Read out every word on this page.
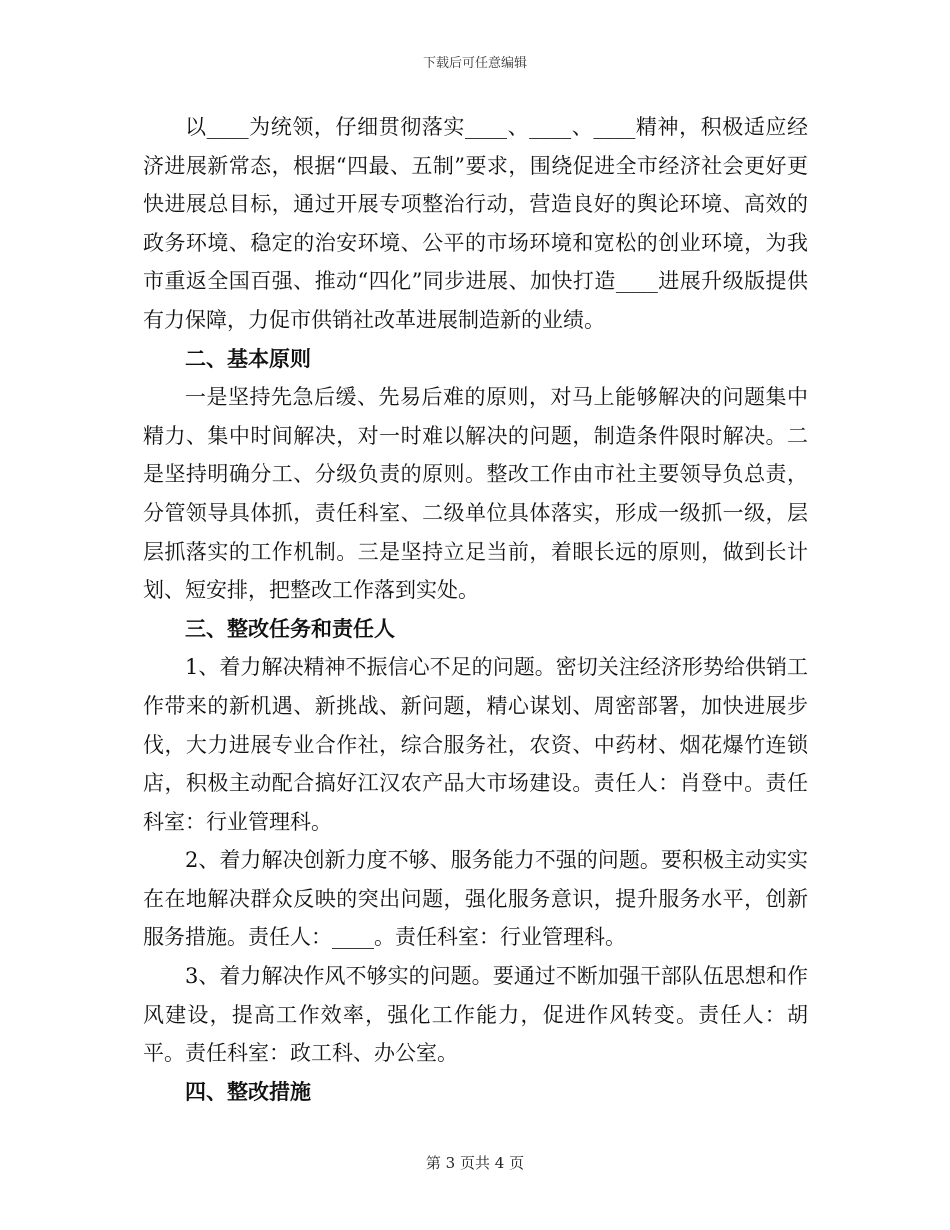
下载后可任意编辑

以____为统领，仔细贯彻落实____、____、____精神，积极适应经济进展新常态，根据“四最、五制”要求，围绕促进全市经济社会更好更快进展总目标，通过开展专项整治行动，营造良好的舆论环境、高效的政务环境、稳定的治安环境、公平的市场环境和宽松的创业环境，为我市重返全国百强、推动“四化”同步进展、加快打造____进展升级版提供有力保障，力促市供销社改革进展制造新的业绩。

二、基本原则

一是坚持先急后缓、先易后难的原则，对马上能够解决的问题集中精力、集中时间解决，对一时难以解决的问题，制造条件限时解决。二是坚持明确分工、分级负责的原则。整改工作由市社主要领导负总责，分管领导具体抓，责任科室、二级单位具体落实，形成一级抓一级，层层抓落实的工作机制。三是坚持立足当前，着眼长远的原则，做到长计划、短安排，把整改工作落到实处。

三、整改任务和责任人

1、着力解决精神不振信心不足的问题。密切关注经济形势给供销工作带来的新机遇、新挑战、新问题，精心谋划、周密部署，加快进展步伐，大力进展专业合作社，综合服务社，农资、中药材、烟花爆竹连锁店，积极主动配合搞好江汉农产品大市场建设。责任人：肖登中。责任科室：行业管理科。

2、着力解决创新力度不够、服务能力不强的问题。要积极主动实实在在地解决群众反映的突出问题，强化服务意识，提升服务水平，创新服务措施。责任人：____。责任科室：行业管理科。

3、着力解决作风不够实的问题。要通过不断加强干部队伍思想和作风建设，提高工作效率，强化工作能力，促进作风转变。责任人：胡平。责任科室：政工科、办公室。

四、整改措施

第 3 页共 4 页
